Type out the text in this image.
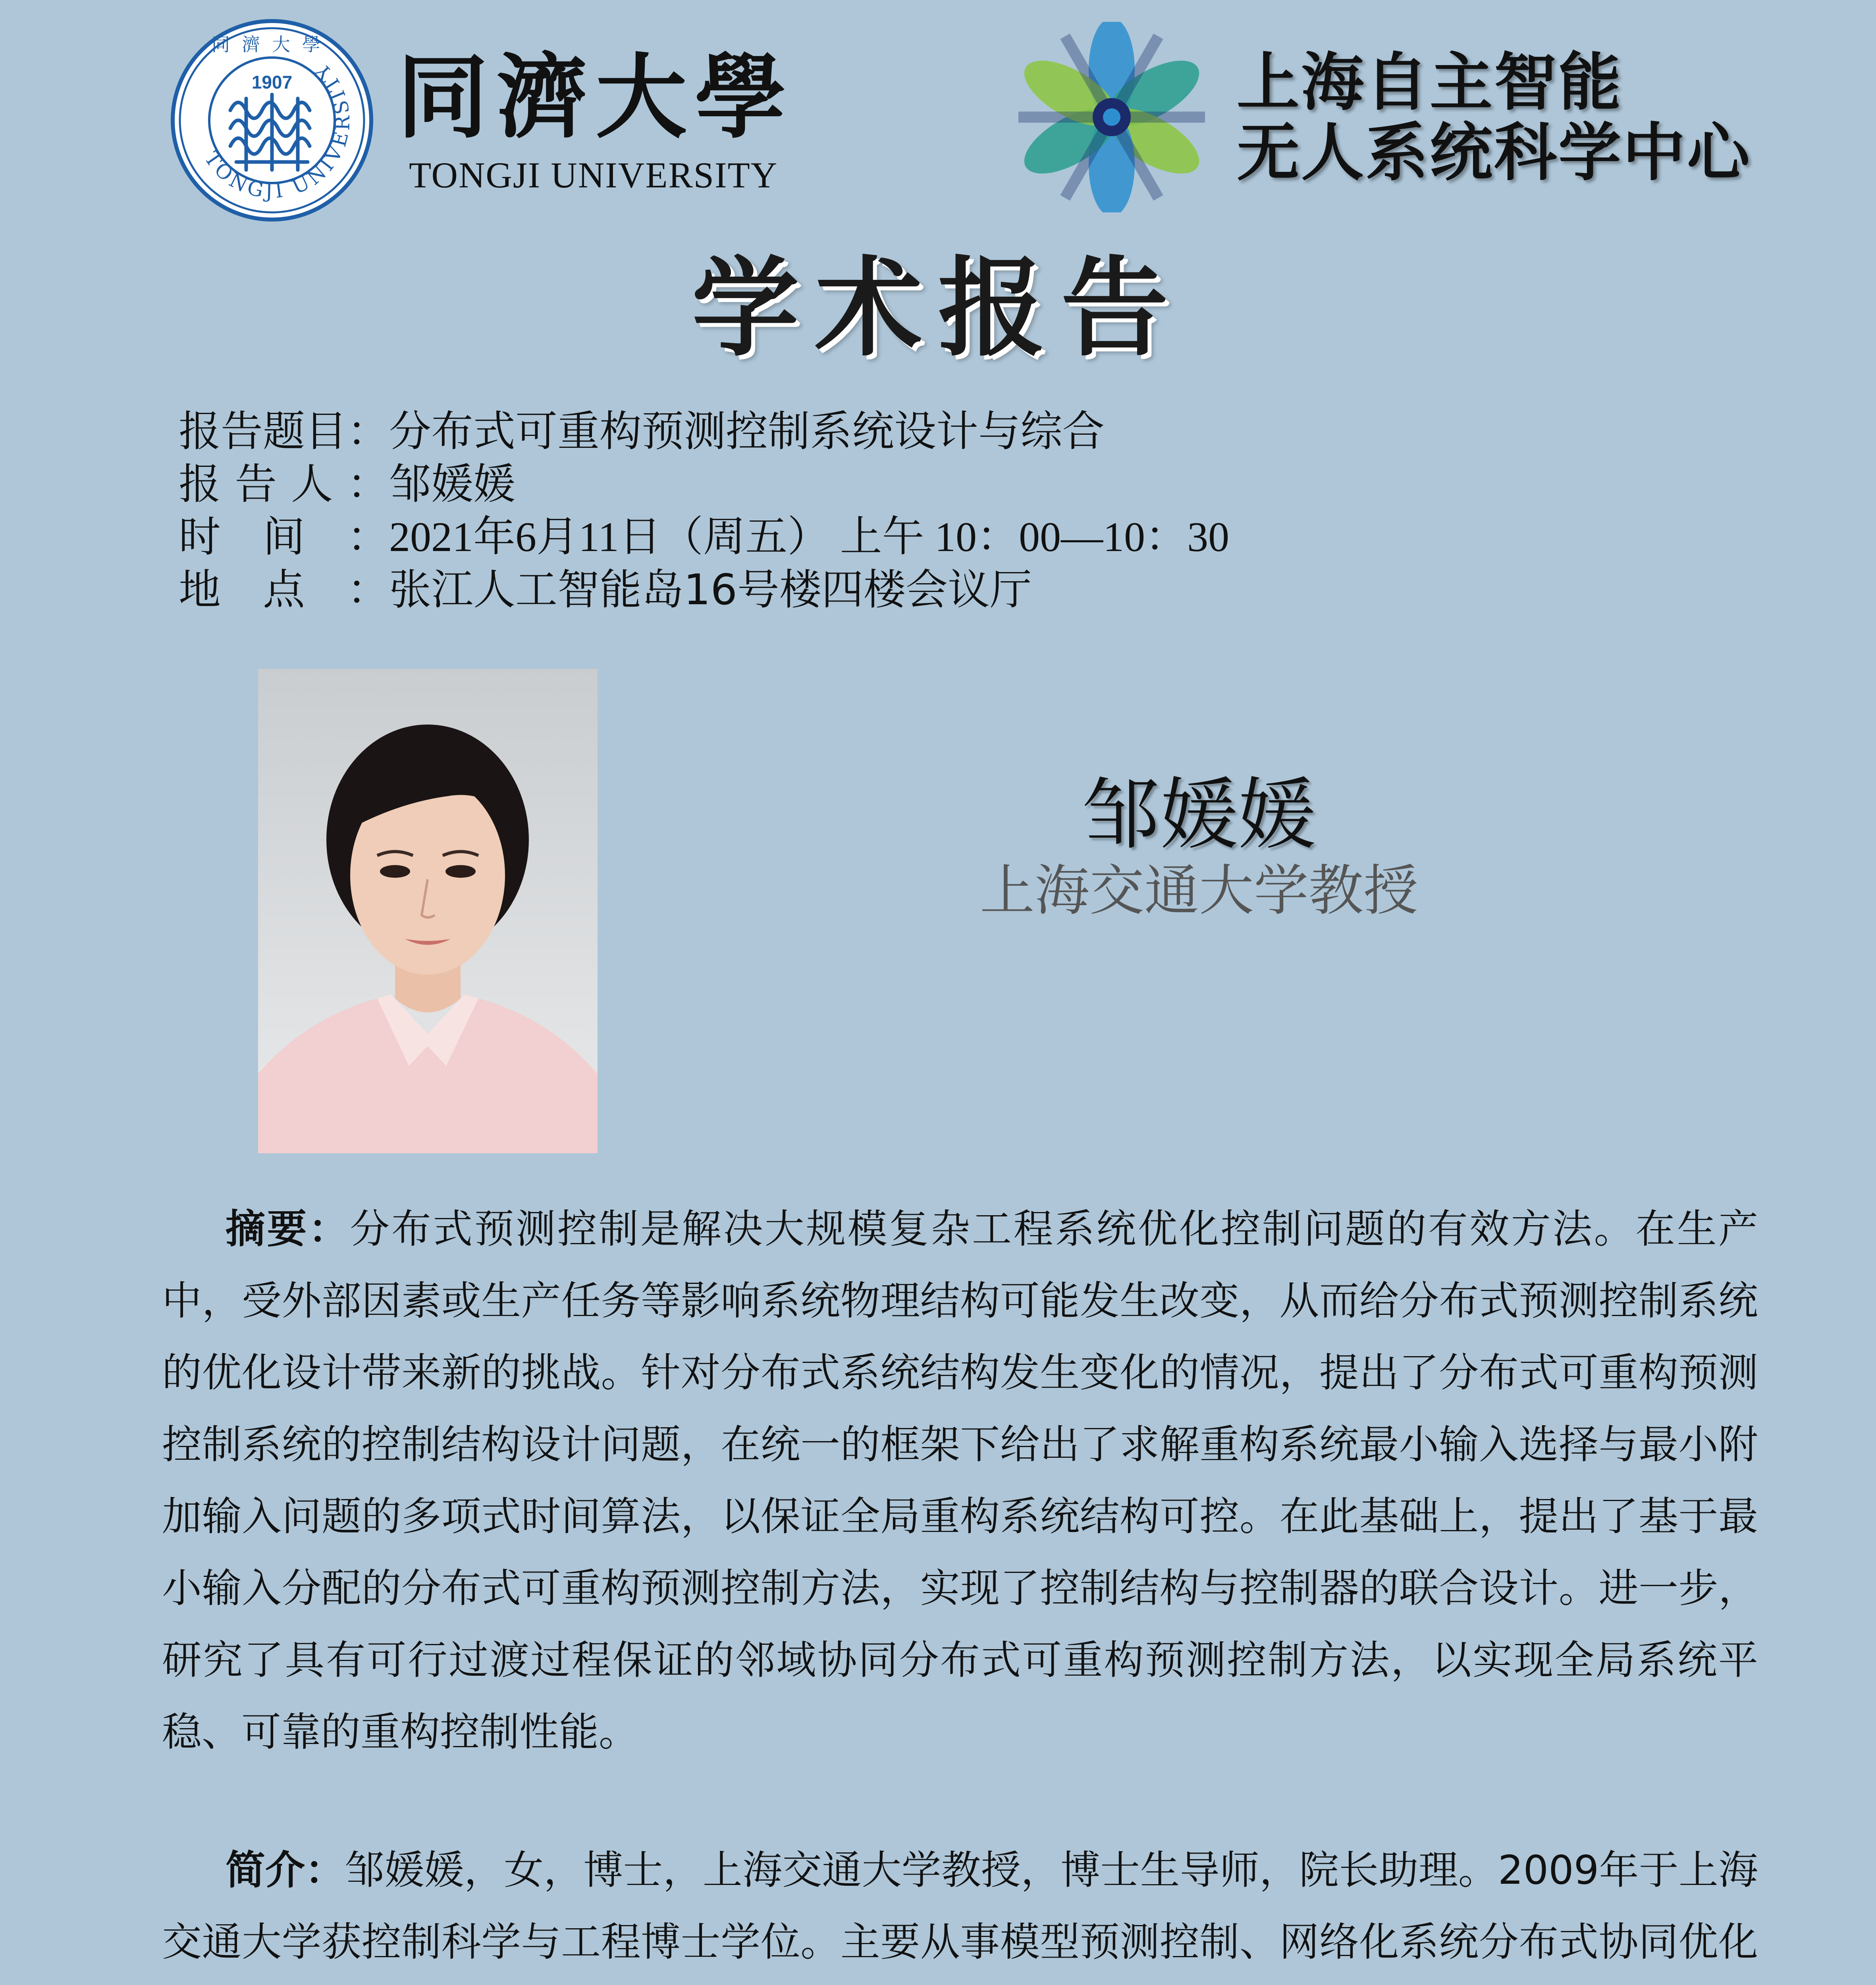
TONGJI UNIVERSITY
同濟大學
1907 同濟大學
TONGJI UNIVERSITY
上海自主智能
无人系统科学中心
学术报告
报 告 题 目 ： 分布式可重构预测控制系统设计与综合
报 告 人 ： 邹媛媛
时 间 ： 2021年6月11日（周五） 上午 10：00—10：30
地 点 ： 张江人工智能岛16号楼四楼会议厅
邹媛媛
上海交通大学教授
摘要：分布式预测控制是解决大规模复杂工程系统优化控制问题的有效方法。在生产中，受外部因素或生产任务等影响系统物理结构可能发生改变，从而给分布式预测控制系统的优化设计带来新的挑战。针对分布式系统结构发生变化的情况，提出了分布式可重构预测控制系统的控制结构设计问题，在统一的框架下给出了求解重构系统最小输入选择与最小附加输入问题的多项式时间算法，以保证全局重构系统结构可控。在此基础上，提出了基于最小输入分配的分布式可重构预测控制方法，实现了控制结构与控制器的联合设计。进一步，研究了具有可行过渡过程保证的邻域协同分布式可重构预测控制方法，以实现全局系统平稳、可靠的重构控制性能。
简介：邹媛媛，女，博士，上海交通大学教授，博士生导师，院长助理。2009年于上海交通大学获控制科学与工程博士学位。主要从事模型预测控制、网络化系统分布式协同优化
